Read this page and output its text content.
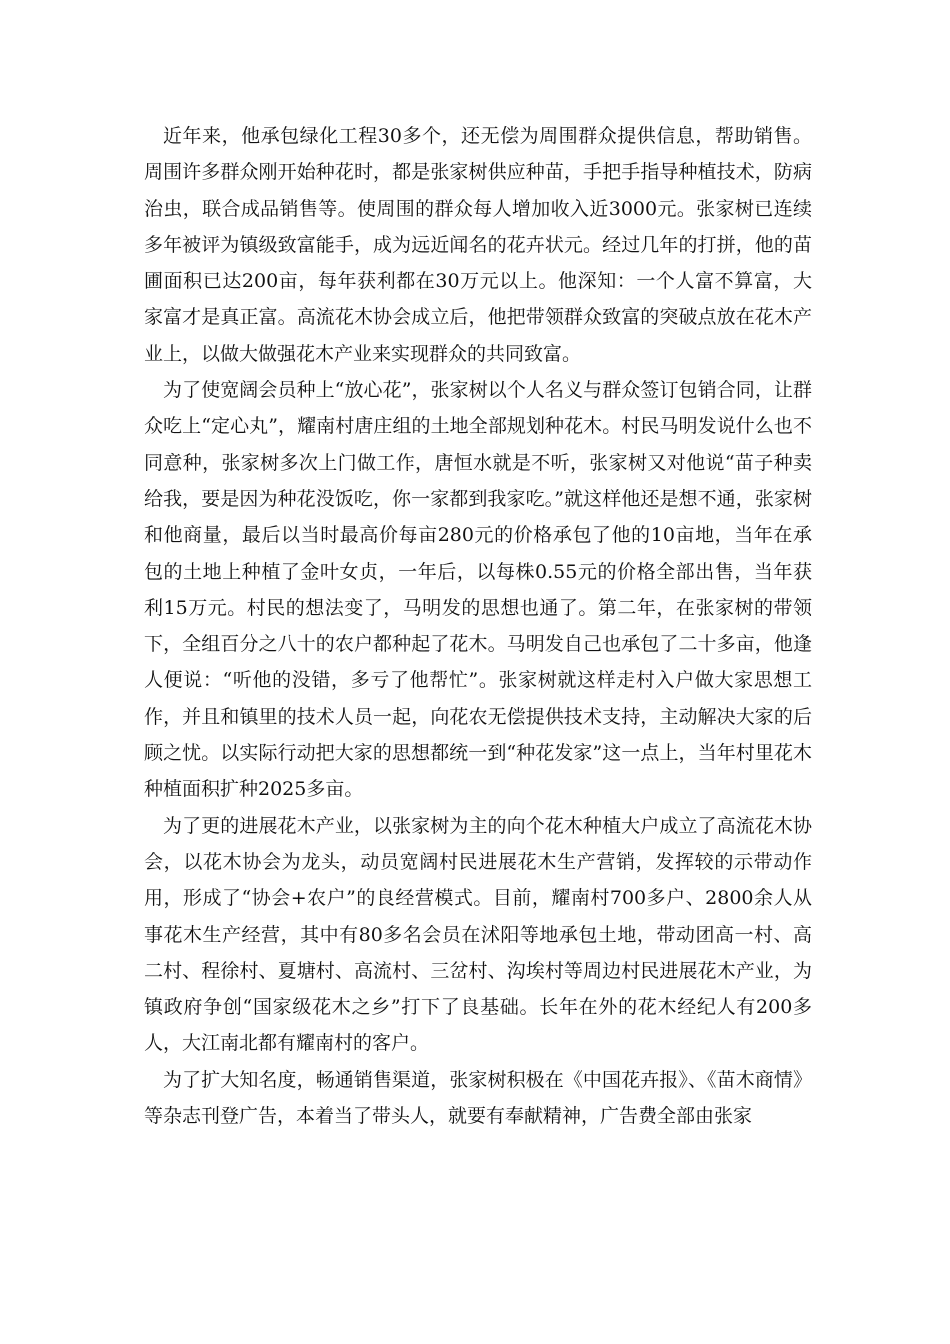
近年来，他承包绿化工程30多个，还无偿为周围群众提供信息，帮助销售。周围许多群众刚开始种花时，都是张家树供应种苗，手把手指导种植技术，防病治虫，联合成品销售等。使周围的群众每人增加收入近3000元。张家树已连续多年被评为镇级致富能手，成为远近闻名的花卉状元。经过几年的打拼，他的苗圃面积已达200亩，每年获利都在30万元以上。他深知：一个人富不算富，大家富才是真正富。高流花木协会成立后，他把带领群众致富的突破点放在花木产业上，以做大做强花木产业来实现群众的共同致富。

为了使宽阔会员种上“放心花”，张家树以个人名义与群众签订包销合同，让群众吃上“定心丸”，耀南村唐庄组的土地全部规划种花木。村民马明发说什么也不同意种，张家树多次上门做工作，唐恒水就是不听，张家树又对他说“苗子种卖给我，要是因为种花没饭吃，你一家都到我家吃。”就这样他还是想不通，张家树和他商量，最后以当时最高价每亩280元的价格承包了他的10亩地，当年在承包的土地上种植了金叶女贞，一年后，以每株0.55元的价格全部出售，当年获利15万元。村民的想法变了，马明发的思想也通了。第二年，在张家树的带领下，全组百分之八十的农户都种起了花木。马明发自己也承包了二十多亩，他逢人便说：“听他的没错，多亏了他帮忙”。张家树就这样走村入户做大家思想工作，并且和镇里的技术人员一起，向花农无偿提供技术支持，主动解决大家的后顾之忧。以实际行动把大家的思想都统一到“种花发家”这一点上，当年村里花木种植面积扩种2025多亩。

为了更的进展花木产业，以张家树为主的向个花木种植大户成立了高流花木协会，以花木协会为龙头，动员宽阔村民进展花木生产营销，发挥较的示带动作用，形成了“协会+农户”的良经营模式。目前，耀南村700多户、2800余人从事花木生产经营，其中有80多名会员在沭阳等地承包土地，带动团高一村、高二村、程徐村、夏塘村、高流村、三岔村、沟埃村等周边村民进展花木产业，为镇政府争创“国家级花木之乡”打下了良基础。长年在外的花木经纪人有200多人，大江南北都有耀南村的客户。

为了扩大知名度，畅通销售渠道，张家树积极在《中国花卉报》、《苗木商情》等杂志刊登广告，本着当了带头人，就要有奉献精神，广告费全部由张家
